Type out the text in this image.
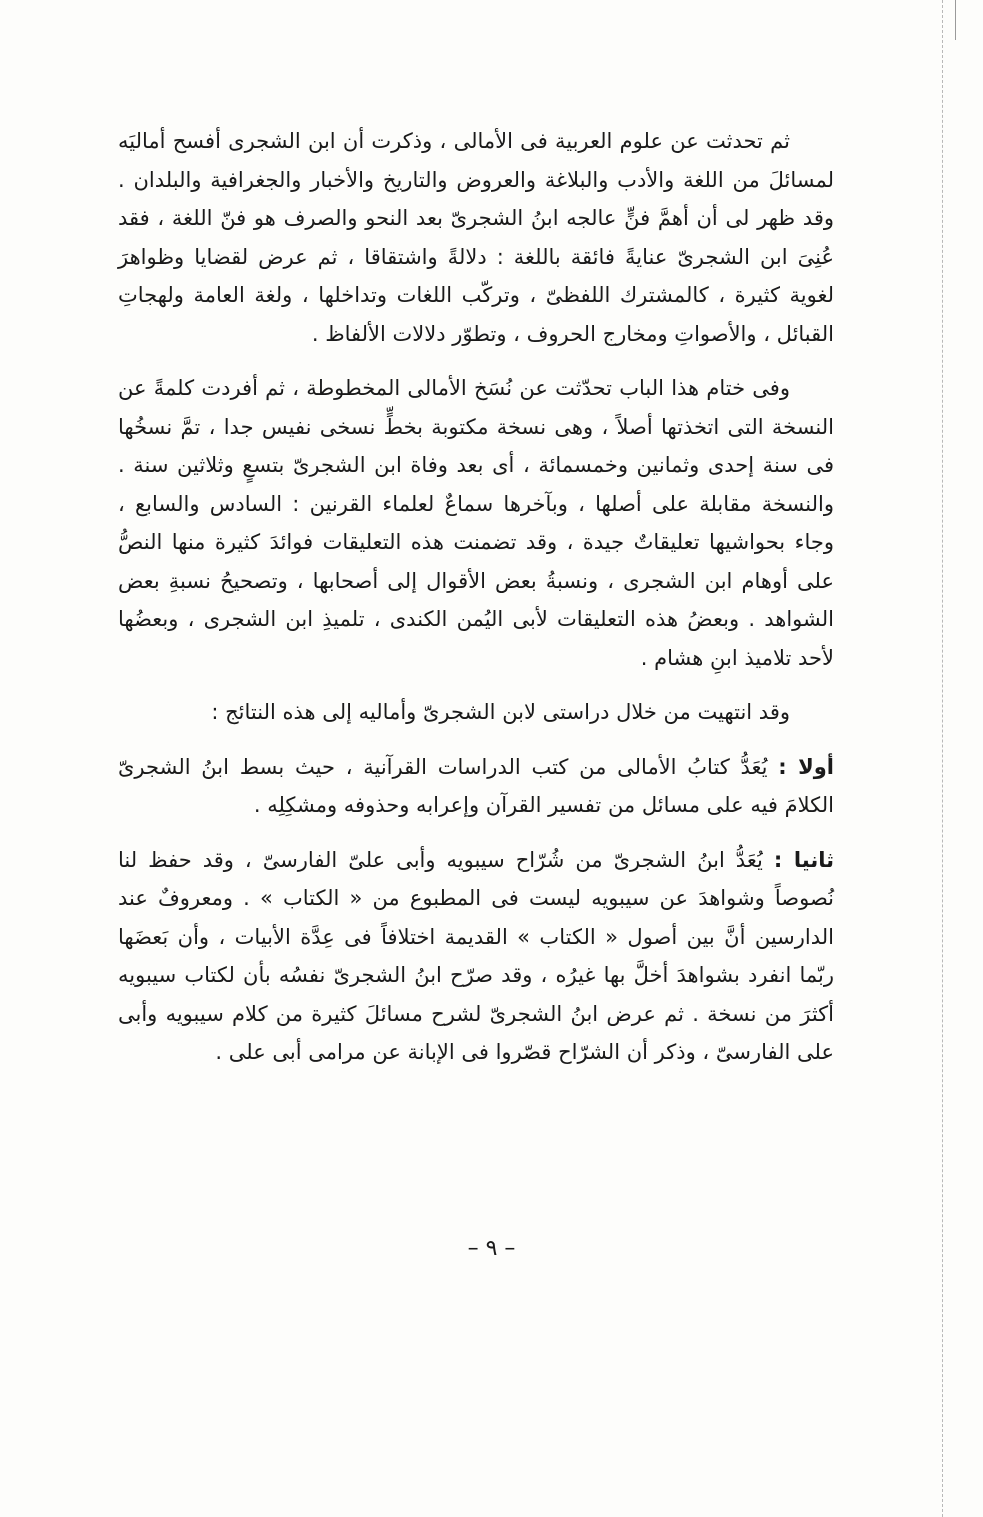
ثم تحدثت عن علوم العربية فى الأمالى ، وذكرت أن ابن الشجرى أفسح أماليَه لمسائلَ من اللغة والأدب والبلاغة والعروض والتاريخ والأخبار والجغرافية والبلدان . وقد ظهر لى أن أهمَّ فنٍّ عالجه ابنُ الشجرىّ بعد النحو والصرف هو فنّ اللغة ، فقد عُنِىَ ابن الشجرىّ عنايةً فائقة باللغة : دلالةً واشتقاقا ، ثم عرض لقضايا وظواهرَ لغوية كثيرة ، كالمشترك اللفظىّ ، وتركّب اللغات وتداخلها ، ولغة العامة ولهجاتِ القبائل ، والأصواتِ ومخارج الحروف ، وتطوّر دلالات الألفاظ .

وفى ختام هذا الباب تحدّثت عن نُسَخ الأمالى المخطوطة ، ثم أفردت كلمةً عن النسخة التى اتخذتها أصلاً ، وهى نسخة مكتوبة بخطٍّ نسخى نفيس جدا ، تمَّ نسخُها فى سنة إحدى وثمانين وخمسمائة ، أى بعد وفاة ابن الشجرىّ بتسعٍ وثلاثين سنة . والنسخة مقابلة على أصلها ، وبآخرها سماعٌ لعلماء القرنين : السادس والسابع ، وجاء بحواشيها تعليقاتٌ جيدة ، وقد تضمنت هذه التعليقات فوائدَ كثيرة منها النصُّ على أوهام ابن الشجرى ، ونسبةُ بعض الأقوال إلى أصحابها ، وتصحيحُ نسبةِ بعض الشواهد . وبعضُ هذه التعليقات لأبى اليُمن الكندى ، تلميذِ ابن الشجرى ، وبعضُها لأحد تلاميذ ابنِ هشام .

وقد انتهيت من خلال دراستى لابن الشجرىّ وأماليه إلى هذه النتائج :

أولا : يُعَدُّ كتابُ الأمالى من كتب الدراسات القرآنية ، حيث بسط ابنُ الشجرىّ الكلامَ فيه على مسائل من تفسير القرآن وإعرابه وحذوفه ومشكِلِه .

ثانيا : يُعَدُّ ابنُ الشجرىّ من شُرّاح سيبويه وأبى علىّ الفارسىّ ، وقد حفظ لنا نُصوصاً وشواهدَ عن سيبويه ليست فى المطبوع من « الكتاب » . ومعروفٌ عند الدارسين أنَّ بين أصول « الكتاب » القديمة اختلافاً فى عِدَّة الأبيات ، وأن بَعضَها ربّما انفرد بشواهدَ أخلَّ بها غيرُه ، وقد صرّح ابنُ الشجرىّ نفسُه بأن لكتاب سيبويه أكثرَ من نسخة . ثم عرض ابنُ الشجرىّ لشرح مسائلَ كثيرة من كلام سيبويه وأبى على الفارسىّ ، وذكر أن الشرّاح قصّروا فى الإبانة عن مرامى أبى على .

– ٩ –
